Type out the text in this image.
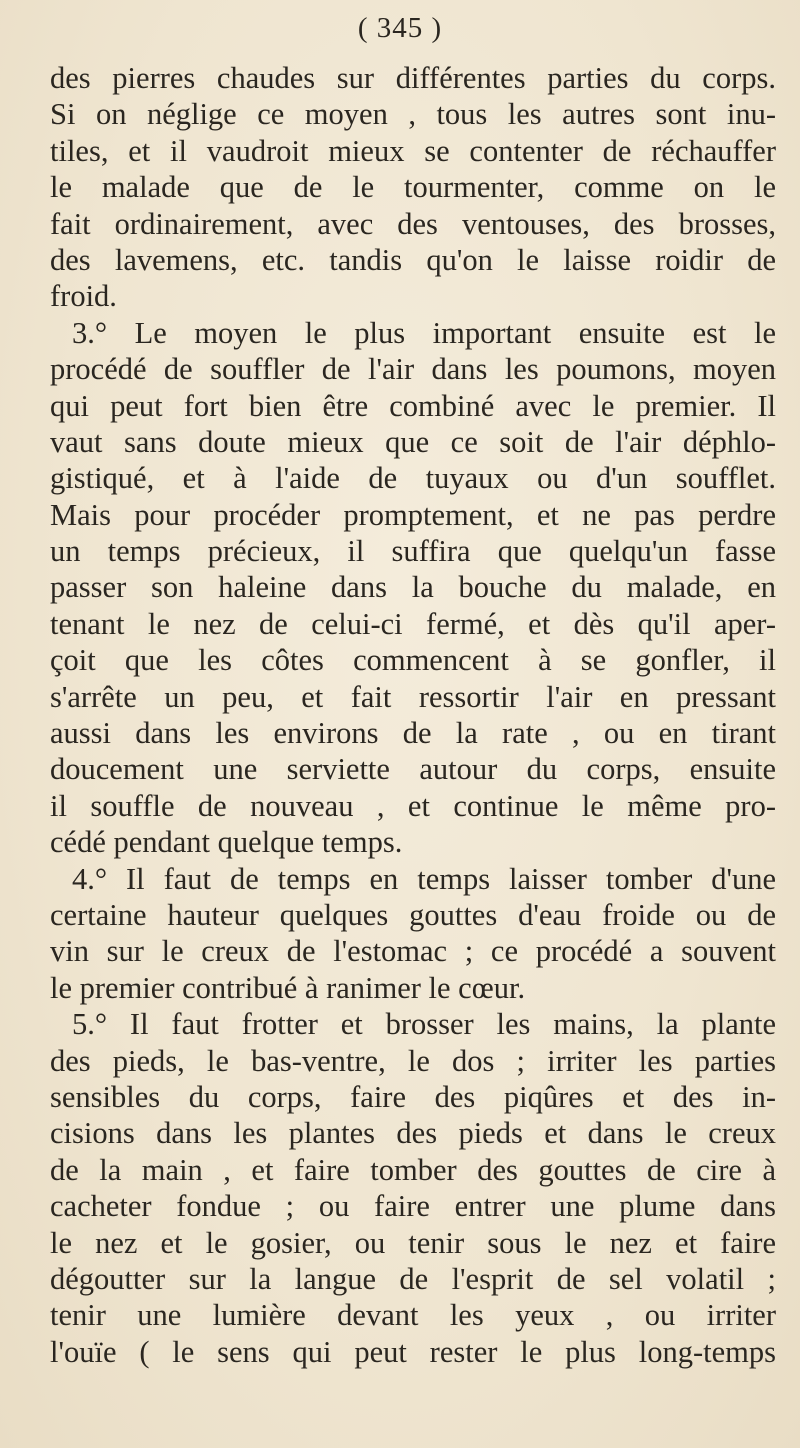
( 345 )
des pierres chaudes sur différentes parties du corps.
Si on néglige ce moyen , tous les autres sont inu-
tiles, et il vaudroit mieux se contenter de réchauffer
le malade que de le tourmenter, comme on le
fait ordinairement, avec des ventouses, des brosses,
des lavemens, etc. tandis qu'on le laisse roidir de
froid.
3.° Le moyen le plus important ensuite est le
procédé de souffler de l'air dans les poumons, moyen
qui peut fort bien être combiné avec le premier. Il
vaut sans doute mieux que ce soit de l'air déphlo-
gistiqué, et à l'aide de tuyaux ou d'un soufflet.
Mais pour procéder promptement, et ne pas perdre
un temps précieux, il suffira que quelqu'un fasse
passer son haleine dans la bouche du malade, en
tenant le nez de celui-ci fermé, et dès qu'il aper-
çoit que les côtes commencent à se gonfler, il
s'arrête un peu, et fait ressortir l'air en pressant
aussi dans les environs de la rate , ou en tirant
doucement une serviette autour du corps, ensuite
il souffle de nouveau , et continue le même pro-
cédé pendant quelque temps.
4.° Il faut de temps en temps laisser tomber d'une
certaine hauteur quelques gouttes d'eau froide ou de
vin sur le creux de l'estomac ; ce procédé a souvent
le premier contribué à ranimer le cœur.
5.° Il faut frotter et brosser les mains, la plante
des pieds, le bas-ventre, le dos ; irriter les parties
sensibles du corps, faire des piqûres et des in-
cisions dans les plantes des pieds et dans le creux
de la main , et faire tomber des gouttes de cire à
cacheter fondue ; ou faire entrer une plume dans
le nez et le gosier, ou tenir sous le nez et faire
dégoutter sur la langue de l'esprit de sel volatil ;
tenir une lumière devant les yeux , ou irriter
l'ouïe ( le sens qui peut rester le plus long-temps
